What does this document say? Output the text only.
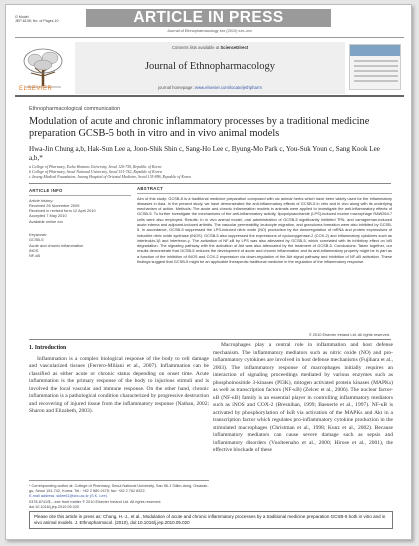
G Model
JEP-6108; No. of Pages 10	ARTICLE IN PRESS
Journal of Ethnopharmacology xxx (2010) xxx–xxx
ELSEVIER
Contents lists available at ScienceDirect
Journal of Ethnopharmacology
journal homepage: www.elsevier.com/locate/jethpharm
Ethnopharmacological communication
Modulation of acute and chronic inflammatory processes by a traditional medicine preparation GCSB-5 both in vitro and in vivo animal models
Hwa-Jin Chung a,b, Hak-Sun Lee a, Joon-Shik Shin c, Sang-Ho Lee c, Byung-Mo Park c, You-Suk Youn c, Sang Kook Lee a,b,*
a College of Pharmacy, Ewha Womans University, Seoul 120-750, Republic of Korea
b College of Pharmacy, Seoul National University, Seoul 151-742, Republic of Korea
c Jaseng Medical Foundation, Jaseng Hospital of Oriental Medicine, Seoul 135-896, Republic of Korea
ARTICLE INFO
Article history:
Received 26 November 2009
Received in revised form 12 April 2010
Accepted 7 May 2010
Available online xxx
Keywords:
GCSB-5
Acute and chronic inflammation
iNOS
NF-κB
ABSTRACT
Aim of this study: GCSB-5 is a traditional medicine preparation composed with six animal herbs which have been widely used for the inflammatory diseases in Asia. In the present study, we have demonstrated the anti-inflammatory effects of GCSB-5 in vitro and in vivo along with its underlying mechanism of action. Methods: The acute and chronic inflammation models in animals were applied to investigate the anti-inflammatory effects of GCSB-5. To further investigate the mechanisms of the anti-inflammatory activity, lipopolysaccharide (LPS)-induced murine macrophage RAW264.7 cells were also employed. Results: In in vivo animal model, oral administration of GCSB-5 significantly inhibited TPA- and carrageenan-induced acute edema and adjuvant-induced arthritis. The vascular permeability, leukocyte migration, and granuloma formation were also inhibited by GCSB-5. In accordance, GCSB-5 suppressed the LPS-induced nitric oxide (NO) production by the downregulation of mRNA and protein expressions of inducible nitric oxide synthase (iNOS). GCSB-5 also suppressed the expressions of cyclooxygenase-2 (COX-2) and inflammatory cytokines such as interleukin-1β and interferon-γ. The activation of NF-κB by LPS was also alleviated by GCSB-5, which correlated with its inhibitory effect on IκB degradation. The signaling pathway with the activation of Akt was also attenuated by the treatment of GCSB-5. Conclusions: Taken together, our results demonstrate that GCSB-5 reduces the development of acute and chronic inflammation and its anti-inflammatory property might be in part as a function of the inhibition of iNOS and COX-2 expression via down-regulation of the Akt signal pathway and inhibition of NF-κB activation. These findings suggest that GCSB-5 might be an applicable therapeutic traditional medicine in the regulation of the inflammatory response.
© 2010 Elsevier Ireland Ltd. All rights reserved.
1. Introduction
Inflammation is a complex biological response of the body to cell damage and vascularized tissues (Ferrero-Miliani et al., 2007). Inflammation can be classified as either acute or chronic status depending on onset time. Acute inflammation is the primary response of the body to injurious stimuli and is involved the local vascular and immune response. On the other hand, chronic inflammation is a pathological condition characterized by progressive destruction and recovering of injured tissue from the inflammatory response (Nathan, 2002; Sharon and Elizabeth, 2003).
Macrophages play a central role in inflammation and host defense mechanism. The inflammatory mediators such as nitric oxide (NO) and pro-inflammatory cytokines are involved in host defense mechanisms (Fujihara et al., 2003). The inflammatory response of macrophages initially requires an interaction of signaling proceedings mediated by various enzymes such as phosphoinositide 3-kinases (PI3K), mitogen activated protein kinases (MAPKs) as well as transcription factors (NF-κB) (Zelcer et al., 2006). The nuclear factor-κB (NF-κB) family is an essential player in controlling inflammatory mediators such as iNOS and COX-2 (Bresnihan, 1999; Baeuerle et al., 1997). NF-κB is activated by phosphorylation of IκB via activation of the MAPKs and Akt in a transcription factor which regulates pro-inflammatory cytokine production in the stimulated macrophages (Christman et al., 1998; Kunz et al., 2002). Because inflammatory mediators can cause severe damage such as sepsis and inflammatory disorders (Vuolteenaho et al., 2000; Hirose et al., 2001), the effective blockade of these
* Corresponding author at: College of Pharmacy, Seoul National University, San 56-1 Sillim-dong, Gwanak-gu, Seoul 151-742, Korea. Tel.: +82 2 880 2475; fax: +82 2 762 8322.
E-mail address: sklee61@snu.ac.kr (S.K. Lee).
0378-8741/$ – see front matter © 2010 Elsevier Ireland Ltd. All rights reserved.
doi:10.1016/j.jep.2010.05.020
Please cite this article in press as: Chung, H.-J., et al., Modulation of acute and chronic inflammatory processes by a traditional medicine preparation GCSB-5 both in vitro and in vivo animal models. J. Ethnopharmacol. (2010), doi:10.1016/j.jep.2010.05.020
